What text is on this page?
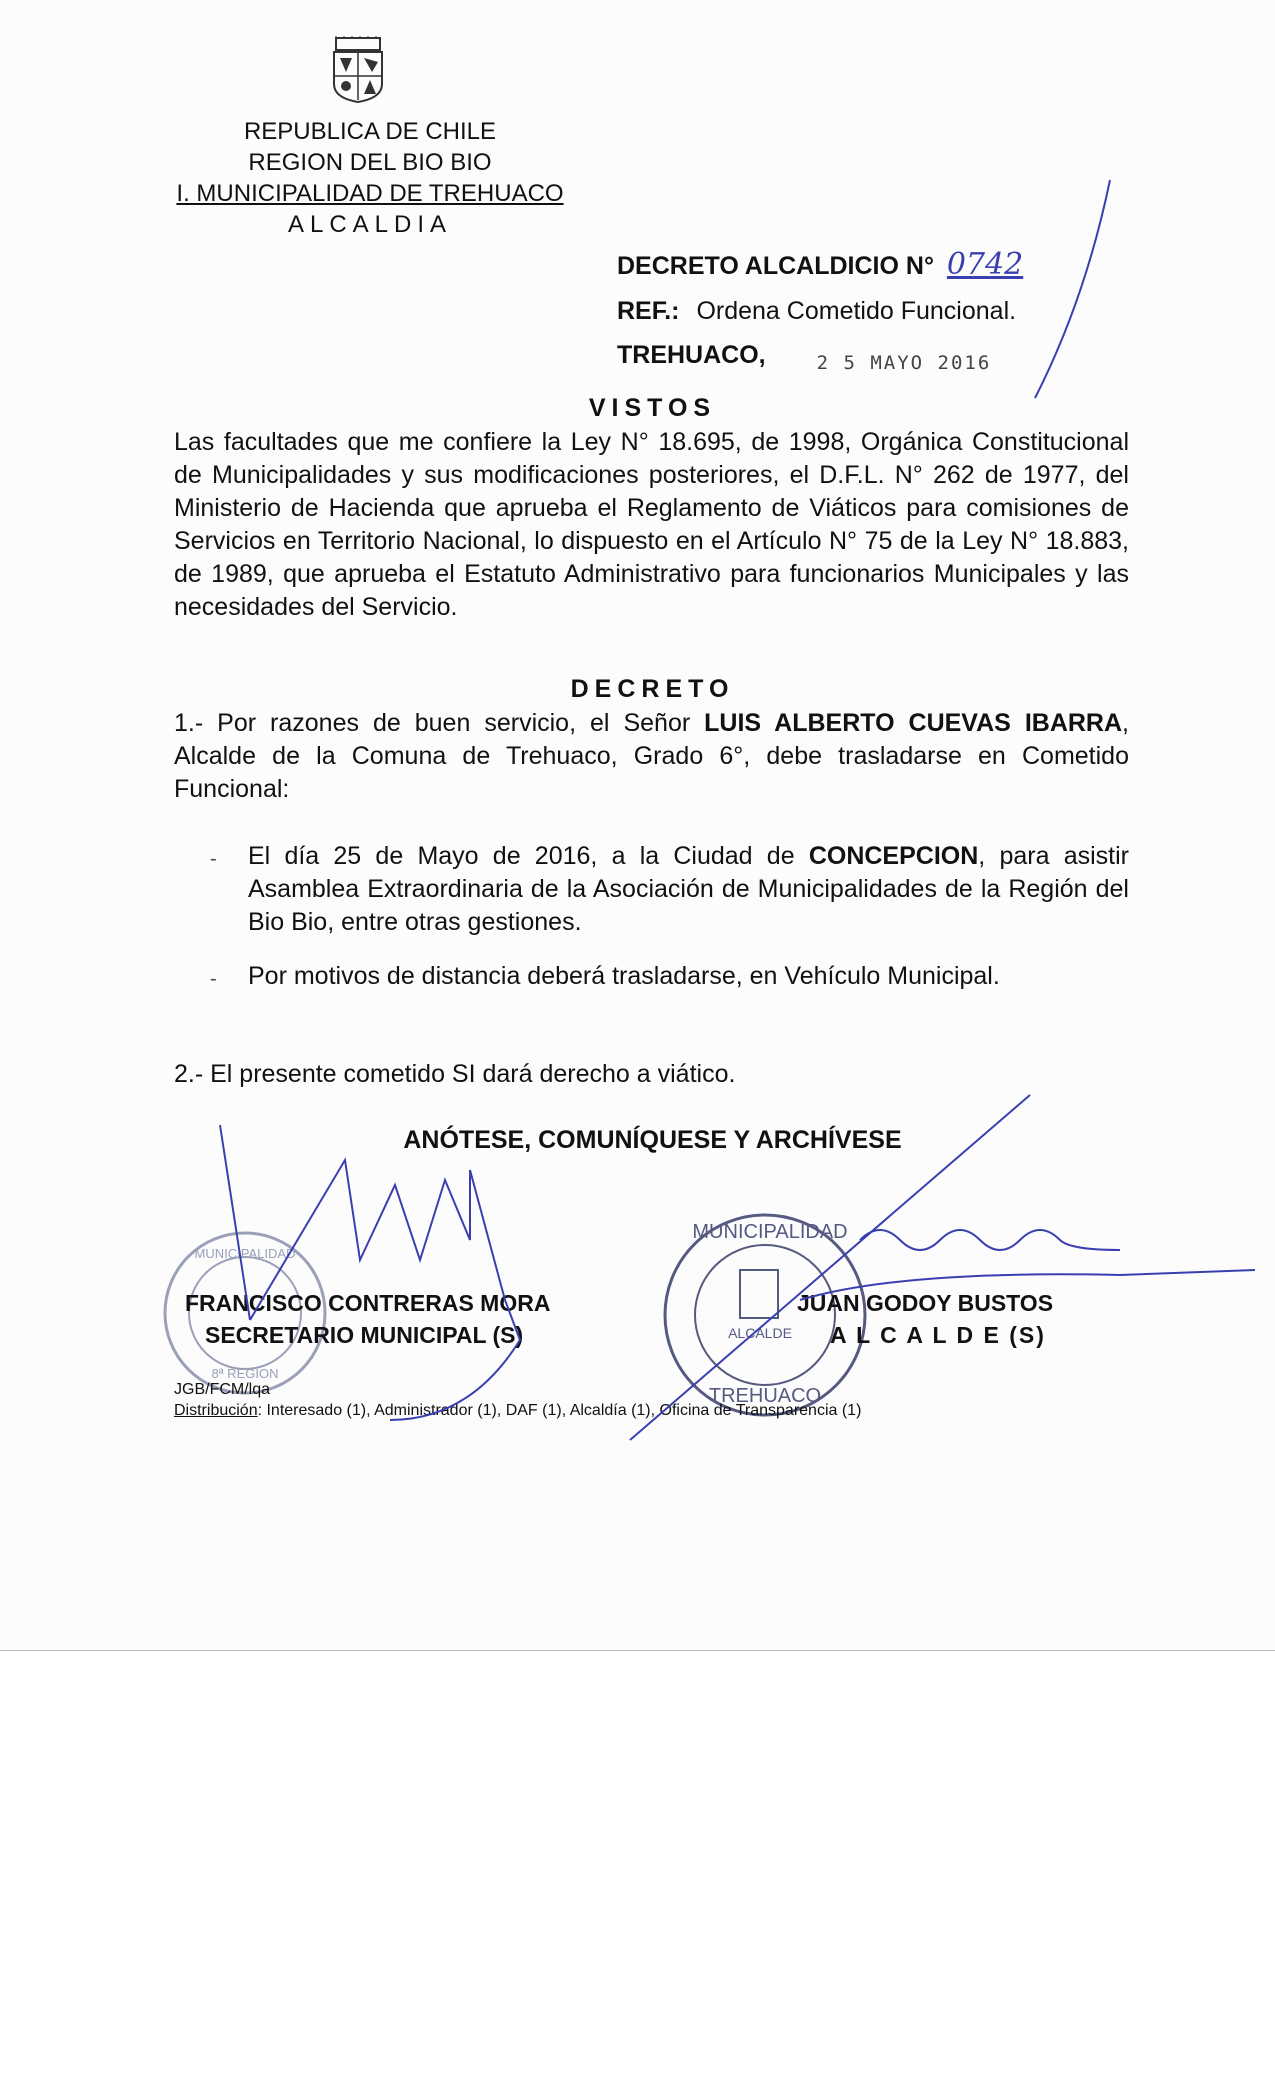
REPUBLICA DE CHILE
REGION DEL BIO BIO
I. MUNICIPALIDAD DE TREHUACO
ALCALDIA
DECRETO ALCALDICIO N° 0742
REF.: Ordena Cometido Funcional.
TREHUACO,	$_{2 5 MAYO 2016}$
VISTOS
Las facultades que me confiere la Ley N° 18.695, de 1998, Orgánica Constitucional de Municipalidades y sus modificaciones posteriores, el D.F.L. N° 262 de 1977, del Ministerio de Hacienda que aprueba el Reglamento de Viáticos para comisiones de Servicios en Territorio Nacional, lo dispuesto en el Artículo N° 75 de la Ley N° 18.883, de 1989, que aprueba el Estatuto Administrativo para funcionarios Municipales y las necesidades del Servicio.
DECRETO
1.- Por razones de buen servicio, el Señor LUIS ALBERTO CUEVAS IBARRA, Alcalde de la Comuna de Trehuaco, Grado 6°, debe trasladarse en Cometido Funcional:
- El día 25 de Mayo de 2016, a la Ciudad de CONCEPCION, para asistir Asamblea Extraordinaria de la Asociación de Municipalidades de la Región del Bio Bio, entre otras gestiones.
- Por motivos de distancia deberá trasladarse, en Vehículo Municipal.
2.- El presente cometido SI dará derecho a viático.
ANÓTESE, COMUNÍQUESE Y ARCHÍVESE
MUNICIPALIDAD
8ª REGION
MUNICIPALIDAD
TREHUACO
ALCALDE
FRANCISCO CONTRERAS MORA
SECRETARIO MUNICIPAL (S)
JUAN GODOY BUSTOS
A L C A L D E (S)
JGB/FCM/lqa
Distribución: Interesado (1), Administrador (1), DAF (1), Alcaldía (1), Oficina de Transparencia (1)
